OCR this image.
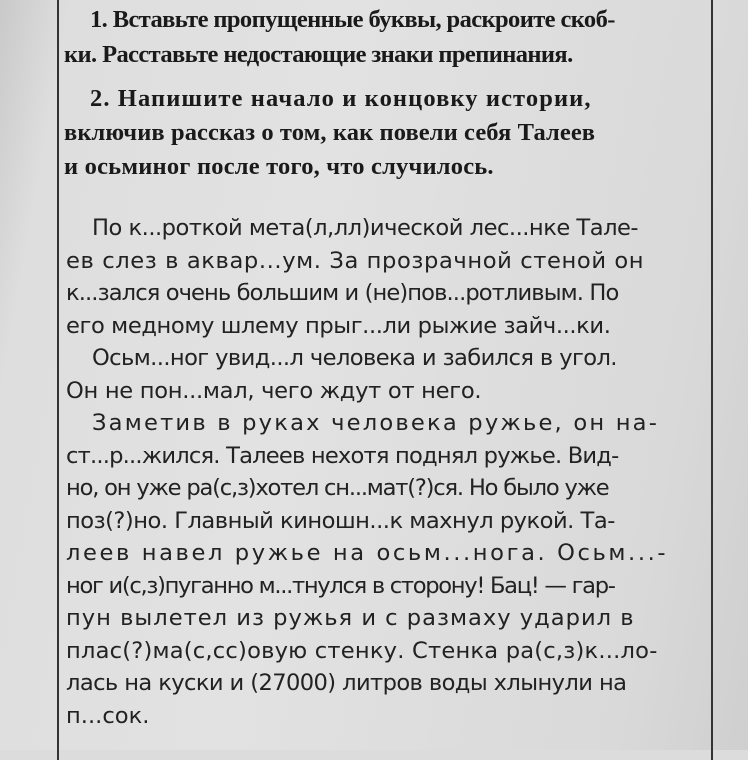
1. Вставьте пропущенные буквы, раскроите скоб-
ки. Расставьте недостающие знаки препинания.
2. Напишите начало и концовку истории,
включив рассказ о том, как повели себя Талеев
и осьминог после того, что случилось.
По к...роткой мета(л,лл)ической лес...нке Тале-
ев слез в аквар...ум. За прозрачной стеной он
к...зался очень большим и (не)пов...ротливым. По
его медному шлему прыг...ли рыжие зайч...ки.
Осьм...ног увид...л человека и забился в угол.
Он не пон...мал, чего ждут от него.
Заметив в руках человека ружье, он на-
ст...р...жился. Талеев нехотя поднял ружье. Вид-
но, он уже ра(с,з)хотел сн...мат(?)ся. Но было уже
поз(?)но. Главный киношн...к махнул рукой. Та-
леев навел ружье на осьм...нога. Осьм...-
ног и(с,з)пуганно м...тнулся в сторону! Бац! — гар-
пун вылетел из ружья и с размаху ударил в
плас(?)ма(с,сс)овую стенку. Стенка ра(с,з)к...ло-
лась на куски и (27000) литров воды хлынули на
п...сок.
